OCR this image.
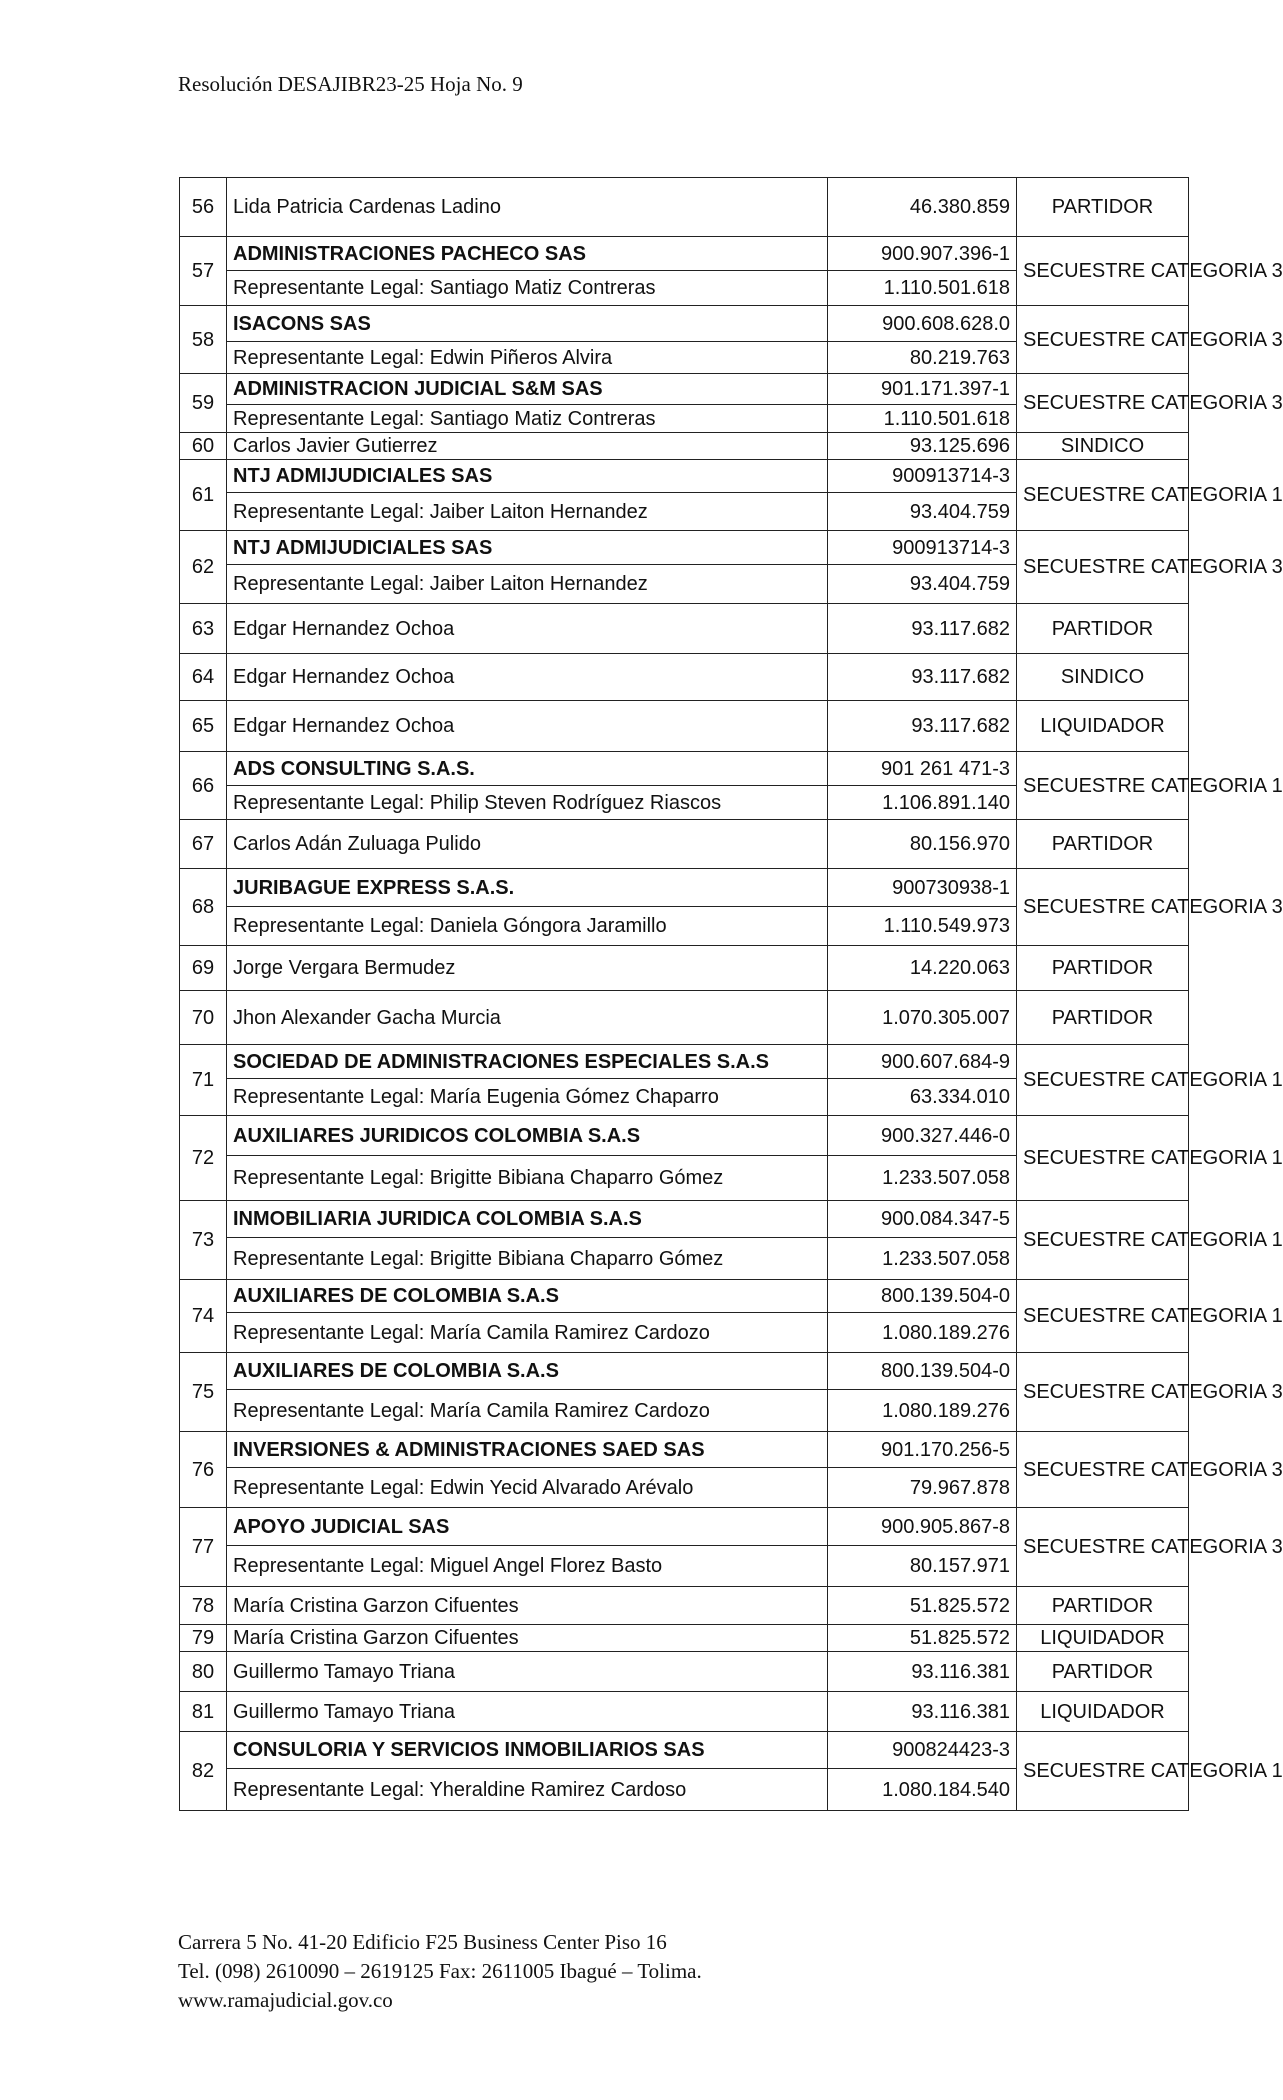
Resolución DESAJIBR23-25 Hoja No. 9
56	Lida Patricia Cardenas Ladino	46.380.859	PARTIDOR
57	ADMINISTRACIONES PACHECO SAS	900.907.396-1	SECUESTRE CATEGORIA 3
	Representante Legal: Santiago Matiz Contreras	1.110.501.618	
58	ISACONS SAS	900.608.628.0	SECUESTRE CATEGORIA 3
	Representante Legal: Edwin Piñeros Alvira	80.219.763	
59	ADMINISTRACION JUDICIAL S&M SAS	901.171.397-1	SECUESTRE CATEGORIA 3
	Representante Legal: Santiago Matiz Contreras	1.110.501.618	
60	Carlos Javier Gutierrez	93.125.696	SINDICO
61	NTJ ADMIJUDICIALES SAS	900913714-3	SECUESTRE CATEGORIA 1
	Representante Legal: Jaiber Laiton Hernandez	93.404.759	
62	NTJ ADMIJUDICIALES SAS	900913714-3	SECUESTRE CATEGORIA 3
	Representante Legal: Jaiber Laiton Hernandez	93.404.759	
63	Edgar Hernandez Ochoa	93.117.682	PARTIDOR
64	Edgar Hernandez Ochoa	93.117.682	SINDICO
65	Edgar Hernandez Ochoa	93.117.682	LIQUIDADOR
66	ADS CONSULTING S.A.S.	901 261 471-3	SECUESTRE CATEGORIA 1
	Representante Legal: Philip Steven Rodríguez Riascos	1.106.891.140	
67	Carlos Adán Zuluaga Pulido	80.156.970	PARTIDOR
68	JURIBAGUE EXPRESS S.A.S.	900730938-1	SECUESTRE CATEGORIA 3
	Representante Legal: Daniela Góngora Jaramillo	1.110.549.973	
69	Jorge Vergara Bermudez	14.220.063	PARTIDOR
70	Jhon Alexander Gacha Murcia	1.070.305.007	PARTIDOR
71	SOCIEDAD DE ADMINISTRACIONES ESPECIALES S.A.S	900.607.684-9	SECUESTRE CATEGORIA 1
	Representante Legal: María Eugenia Gómez Chaparro	63.334.010	
72	AUXILIARES JURIDICOS COLOMBIA S.A.S	900.327.446-0	SECUESTRE CATEGORIA 1
	Representante Legal: Brigitte Bibiana Chaparro Gómez	1.233.507.058	
73	INMOBILIARIA JURIDICA COLOMBIA S.A.S	900.084.347-5	SECUESTRE CATEGORIA 1
	Representante Legal: Brigitte Bibiana Chaparro Gómez	1.233.507.058	
74	AUXILIARES DE COLOMBIA S.A.S	800.139.504-0	SECUESTRE CATEGORIA 1
	Representante Legal: María Camila Ramirez Cardozo	1.080.189.276	
75	AUXILIARES DE COLOMBIA S.A.S	800.139.504-0	SECUESTRE CATEGORIA 3
	Representante Legal: María Camila Ramirez Cardozo	1.080.189.276	
76	INVERSIONES & ADMINISTRACIONES SAED SAS	901.170.256-5	SECUESTRE CATEGORIA 3
	Representante Legal: Edwin Yecid Alvarado Arévalo	79.967.878	
77	APOYO JUDICIAL SAS	900.905.867-8	SECUESTRE CATEGORIA 3
	Representante Legal: Miguel Angel Florez Basto	80.157.971	
78	María Cristina Garzon Cifuentes	51.825.572	PARTIDOR
79	María Cristina Garzon Cifuentes	51.825.572	LIQUIDADOR
80	Guillermo Tamayo Triana	93.116.381	PARTIDOR
81	Guillermo Tamayo Triana	93.116.381	LIQUIDADOR
82	CONSULORIA Y SERVICIOS INMOBILIARIOS SAS	900824423-3	SECUESTRE CATEGORIA 1
	Representante Legal: Yheraldine Ramirez Cardoso	1.080.184.540	
Carrera 5 No. 41-20 Edificio F25 Business Center Piso 16
Tel. (098) 2610090 – 2619125 Fax: 2611005 Ibagué – Tolima.
www.ramajudicial.gov.co
